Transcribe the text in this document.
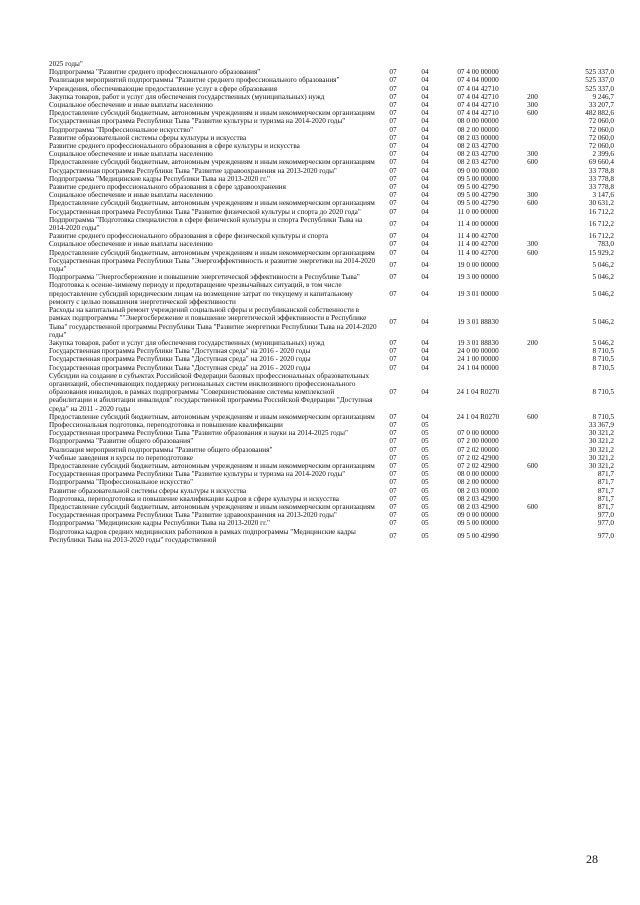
2025 годы"					
Подпрограмма "Развитие среднего профессионального образования"	07	04	07 4 00 00000		525 337,0
Реализация мероприятий подпрограммы "Развитие среднего профессионального образования"	07	04	07 4 04 00000		525 337,0
Учреждения, обеспечивающие предоставление услуг в сфере образования	07	04	07 4 04 42710		525 337,0
Закупка товаров, работ и услуг для обеспечения государственных (муниципальных) нужд	07	04	07 4 04 42710	200	9 246,7
Социальное обеспечение и иные выплаты населению	07	04	07 4 04 42710	300	33 207,7
Предоставление субсидий бюджетным, автономным учреждениям и иным некоммерческим организациям	07	04	07 4 04 42710	600	482 882,6
Государственная программа Республики Тыва "Развитие культуры и туризма на 2014-2020 годы"	07	04	08 0 00 00000		72 060,0
Подпрограмма "Профессиональное искусство"	07	04	08 2 00 00000		72 060,0
Развитие образовательной системы сферы культуры и искусства	07	04	08 2 03 00000		72 060,0
Развитие среднего профессионального образования в сфере культуры и искусства	07	04	08 2 03 42700		72 060,0
Социальное обеспечение и иные выплаты населению	07	04	08 2 03 42700	300	2 399,6
Предоставление субсидий бюджетным, автономным учреждениям и иным некоммерческим организациям	07	04	08 2 03 42700	600	69 660,4
Государственная программа Республики Тыва "Развитие здравоохранения на 2013-2020 годы"	07	04	09 0 00 00000		33 778,8
Подпрограмма "Медицинские кадры Республики Тыва на 2013-2020 гг."	07	04	09 5 00 00000		33 778,8
Развитие среднего профессионального образования в сфере здравоохранения	07	04	09 5 00 42790		33 778,8
Социальное обеспечение и иные выплаты населению	07	04	09 5 00 42790	300	3 147,6
Предоставление субсидий бюджетным, автономным учреждениям и иным некоммерческим организациям	07	04	09 5 00 42790	600	30 631,2
Государственная программа Республики Тыва "Развитие физической культуры и спорта до 2020 года"	07	04	11 0 00 00000		16 712,2
Подпрограмма "Подготовка специалистов в сфере физической культуры и спорта Республики Тыва на 2014-2020 годы"	07	04	11 4 00 00000		16 712,2
Развитие среднего профессионального образования в сфере физической культуры и спорта	07	04	11 4 00 42700		16 712,2
Социальное обеспечение и иные выплаты населению	07	04	11 4 00 42700	300	783,0
Предоставление субсидий бюджетным, автономным учреждениям и иным некоммерческим организациям	07	04	11 4 00 42700	600	15 929,2
Государственная программа Республики Тыва "Энергоэффективность и развитие энергетики на 2014-2020 годы"	07	04	19 0 00 00000		5 046,2
Подпрограмма "Энергосбережение и повышение энергетической эффективности в Республике Тыва"	07	04	19 3 00 00000		5 046,2
Подготовка к осенне-зимнему периоду и предотвращение чрезвычайных ситуаций, в том числе предоставление субсидий юридическим лицам на возмещение затрат по текущему и капитальному ремонту с целью повышения энергетической эффективности	07	04	19 3 01 00000		5 046,2
Расходы на капитальный ремонт учреждений социальной сферы и республиканской собственности в рамках подпрограммы ""Энергосбережение и повышение энергетической эффективности в Республике Тыва" государственной программы Республики Тыва "Развитие энергетики Республики Тыва на 2014-2020 годы"	07	04	19 3 01 88830		5 046,2
Закупка товаров, работ и услуг для обеспечения государственных (муниципальных) нужд	07	04	19 3 01 88830	200	5 046,2
Государственная программа Республики Тыва "Доступная среда" на 2016 - 2020 годы	07	04	24 0 00 00000		8 710,5
Государственная программа Республики Тыва "Доступная среда" на 2016 - 2020 годы	07	04	24 1 00 00000		8 710,5
Государственная программа Республики Тыва "Доступная среда" на 2016 - 2020 годы	07	04	24 1 04 00000		8 710,5
Субсидии на создание в субъектах Российской Федерации базовых профессиональных образовательных организаций, обеспечивающих поддержку региональных систем инклюзивного профессионального образования инвалидов, в рамках подпрограммы "Совершенствование системы комплексной реабилитации и абилитации инвалидов" государственной программы Российской Федерации "Доступная среда" на 2011 - 2020 годы	07	04	24 1 04 R0270		8 710,5
Предоставление субсидий бюджетным, автономным учреждениям и иным некоммерческим организациям	07	04	24 1 04 R0270	600	8 710,5
Профессиональная подготовка, переподготовка и повышение квалификации	07	05			33 367,9
Государственная программа Республики Тыва "Развитие образования и науки на 2014-2025 годы"	07	05	07 0 00 00000		30 321,2
Подпрограмма "Развитие общего образования"	07	05	07 2 00 00000		30 321,2
Реализация мероприятий подпрограммы "Развитие общего образования"	07	05	07 2 02 00000		30 321,2
Учебные заведения и курсы по переподготовке	07	05	07 2 02 42900		30 321,2
Предоставление субсидий бюджетным, автономным учреждениям и иным некоммерческим организациям	07	05	07 2 02 42900	600	30 321,2
Государственная программа Республики Тыва "Развитие культуры и туризма на 2014-2020 годы"	07	05	08 0 00 00000		871,7
Подпрограмма "Профессиональное искусство"	07	05	08 2 00 00000		871,7
Развитие образовательной системы сферы культуры и искусства	07	05	08 2 03 00000		871,7
Подготовка, переподготовка и повышение квалификации кадров в сфере культуры и искусства	07	05	08 2 03 42900		871,7
Предоставление субсидий бюджетным, автономным учреждениям и иным некоммерческим организациям	07	05	08 2 03 42900	600	871,7
Государственная программа Республики Тыва "Развитие здравоохранения на 2013-2020 годы"	07	05	09 0 00 00000		977,0
Подпрограмма "Медицинские кадры Республики Тыва на 2013-2020 гг."	07	05	09 5 00 00000		977,0
Подготовка кадров средних медицинских работников в рамках подпрограммы "Медицинские кадры Республики Тыва на 2013-2020 годы" государственной	07	05	09 5 00 42990		977,0
28
